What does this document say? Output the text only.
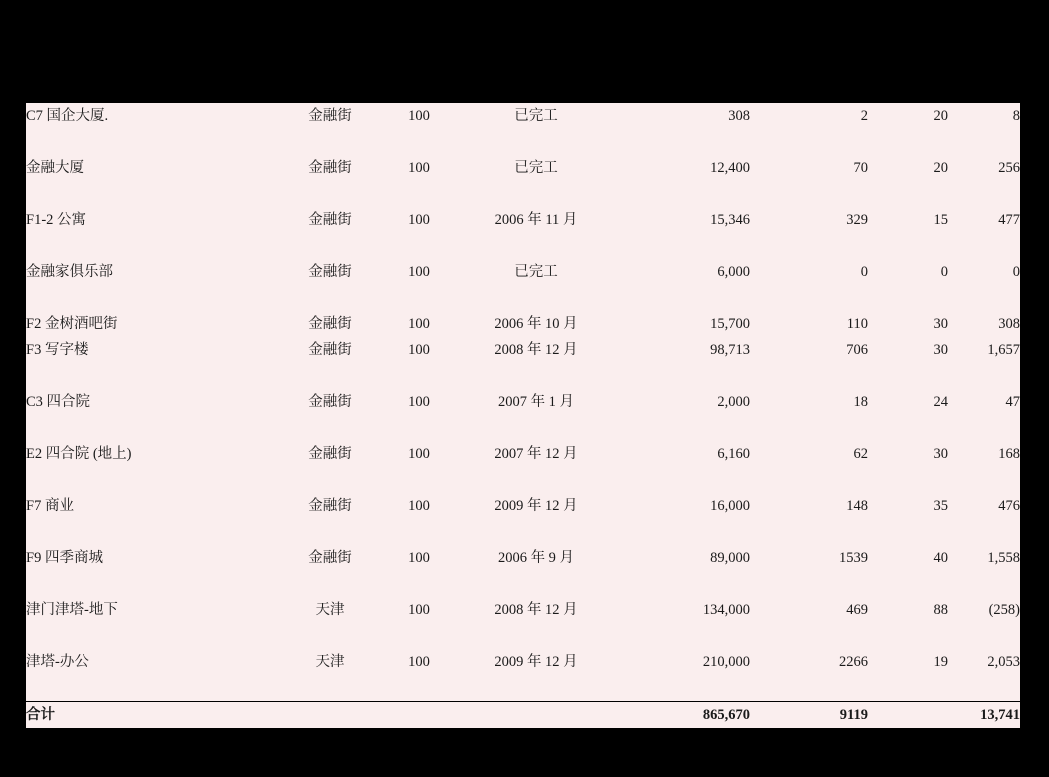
C7 国企大厦.	金融街	100	已完工	308	2	20	8

金融大厦	金融街	100	已完工	12,400	70	20	256

F1-2 公寓	金融街	100	2006 年 11 月	15,346	329	15	477

金融家俱乐部	金融街	100	已完工	6,000	0	0	0

F2 金树酒吧街	金融街	100	2006 年 10 月	15,700	110	30	308
F3 写字楼	金融街	100	2008 年 12 月	98,713	706	30	1,657

C3 四合院	金融街	100	2007 年 1 月	2,000	18	24	47

E2 四合院 (地上)	金融街	100	2007 年 12 月	6,160	62	30	168

F7 商业	金融街	100	2009 年 12 月	16,000	148	35	476

F9 四季商城	金融街	100	2006 年 9 月	89,000	1539	40	1,558

津门津塔-地下	天津	100	2008 年 12 月	134,000	469	88	(258)

津塔-办公	天津	100	2009 年 12 月	210,000	2266	19	2,053

合计				865,670	9119		13,741
